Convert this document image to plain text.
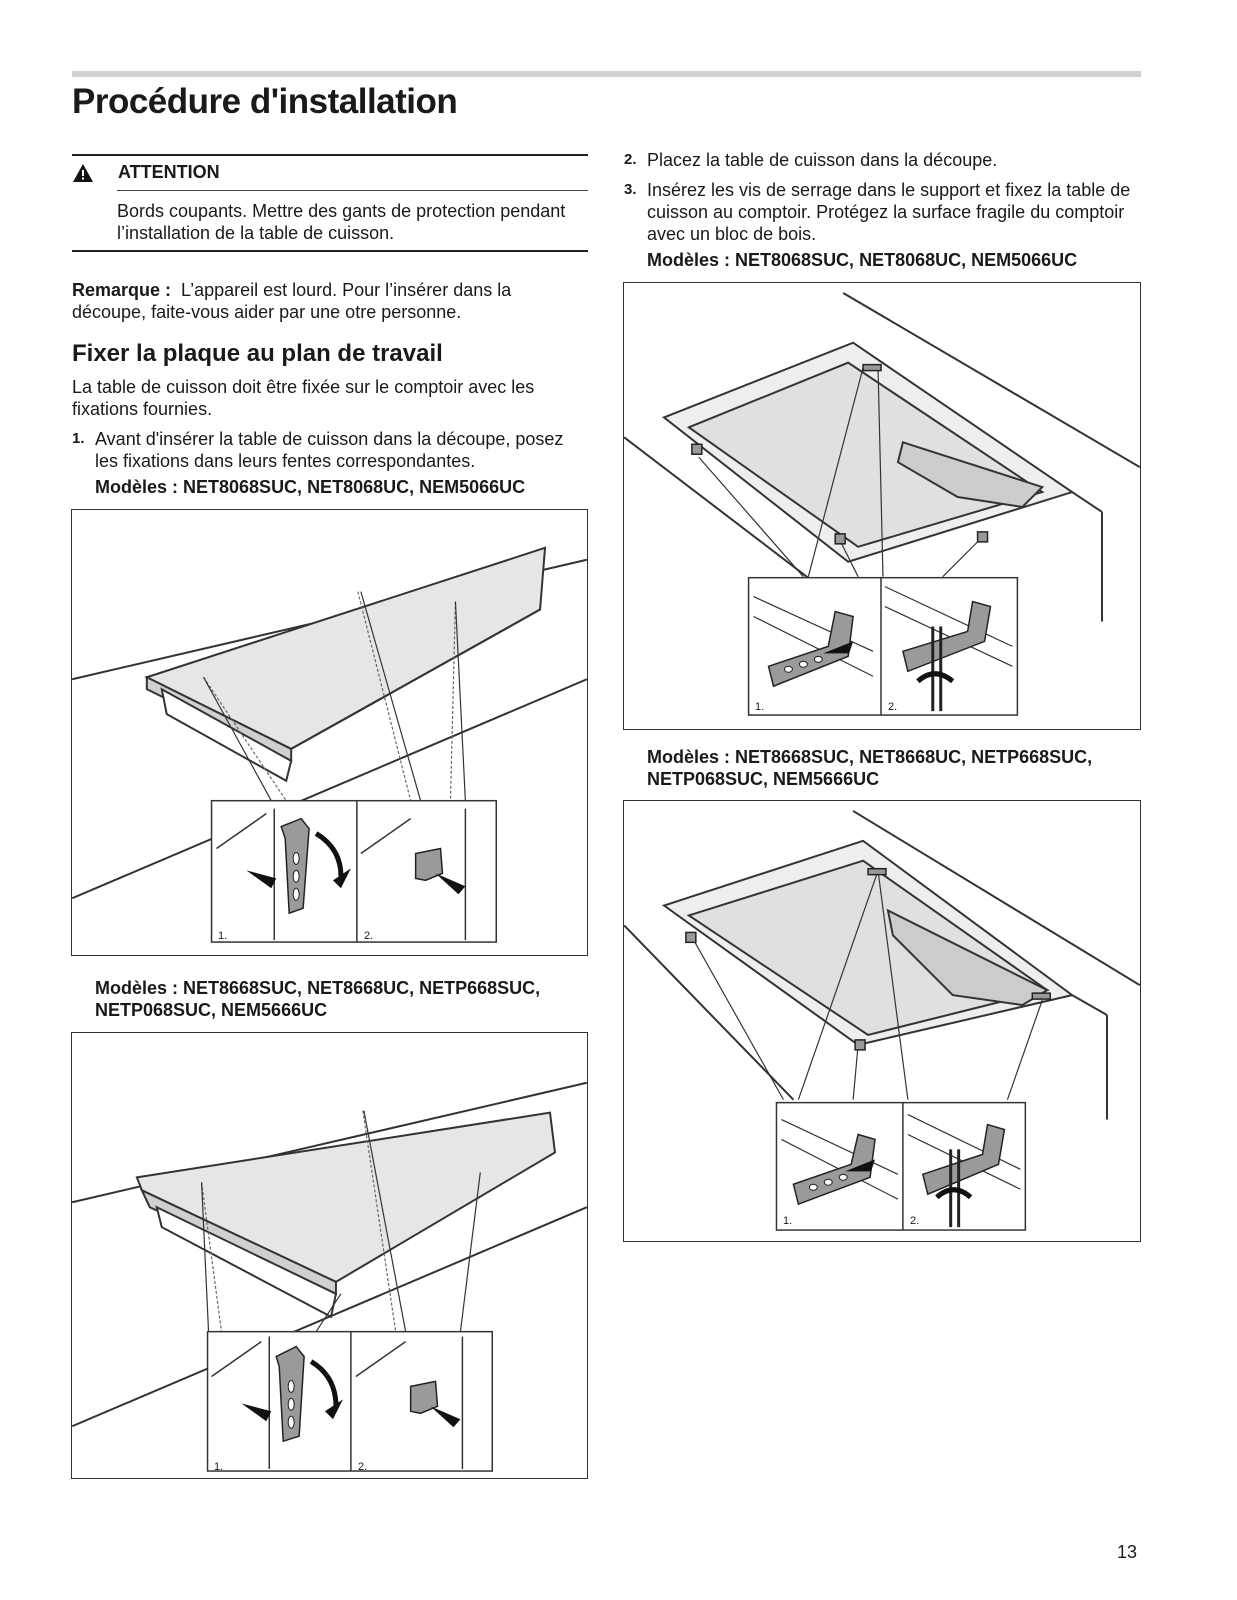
Procédure d'installation
ATTENTION
Bords coupants. Mettre des gants de protection pendant l’installation de la table de cuisson.
Remarque : L’appareil est lourd. Pour l’insérer dans la découpe, faite-vous aider par une otre personne.
Fixer la plaque au plan de travail
La table de cuisson doit être fixée sur le comptoir avec les fixations fournies.
1. Avant d'insérer la table de cuisson dans la découpe, posez les fixations dans leurs fentes correspondantes.
Modèles : NET8068SUC, NET8068UC, NEM5066UC
1.	2.
Modèles : NET8668SUC, NET8668UC, NETP668SUC, NETP068SUC, NEM5666UC
1.	2.
2. Placez la table de cuisson dans la découpe.
3. Insérez les vis de serrage dans le support et fixez la table de cuisson au comptoir. Protégez la surface fragile du comptoir avec un bloc de bois.
Modèles : NET8068SUC, NET8068UC, NEM5066UC
1.	2.
Modèles : NET8668SUC, NET8668UC, NETP668SUC, NETP068SUC, NEM5666UC
1.	2.
13
